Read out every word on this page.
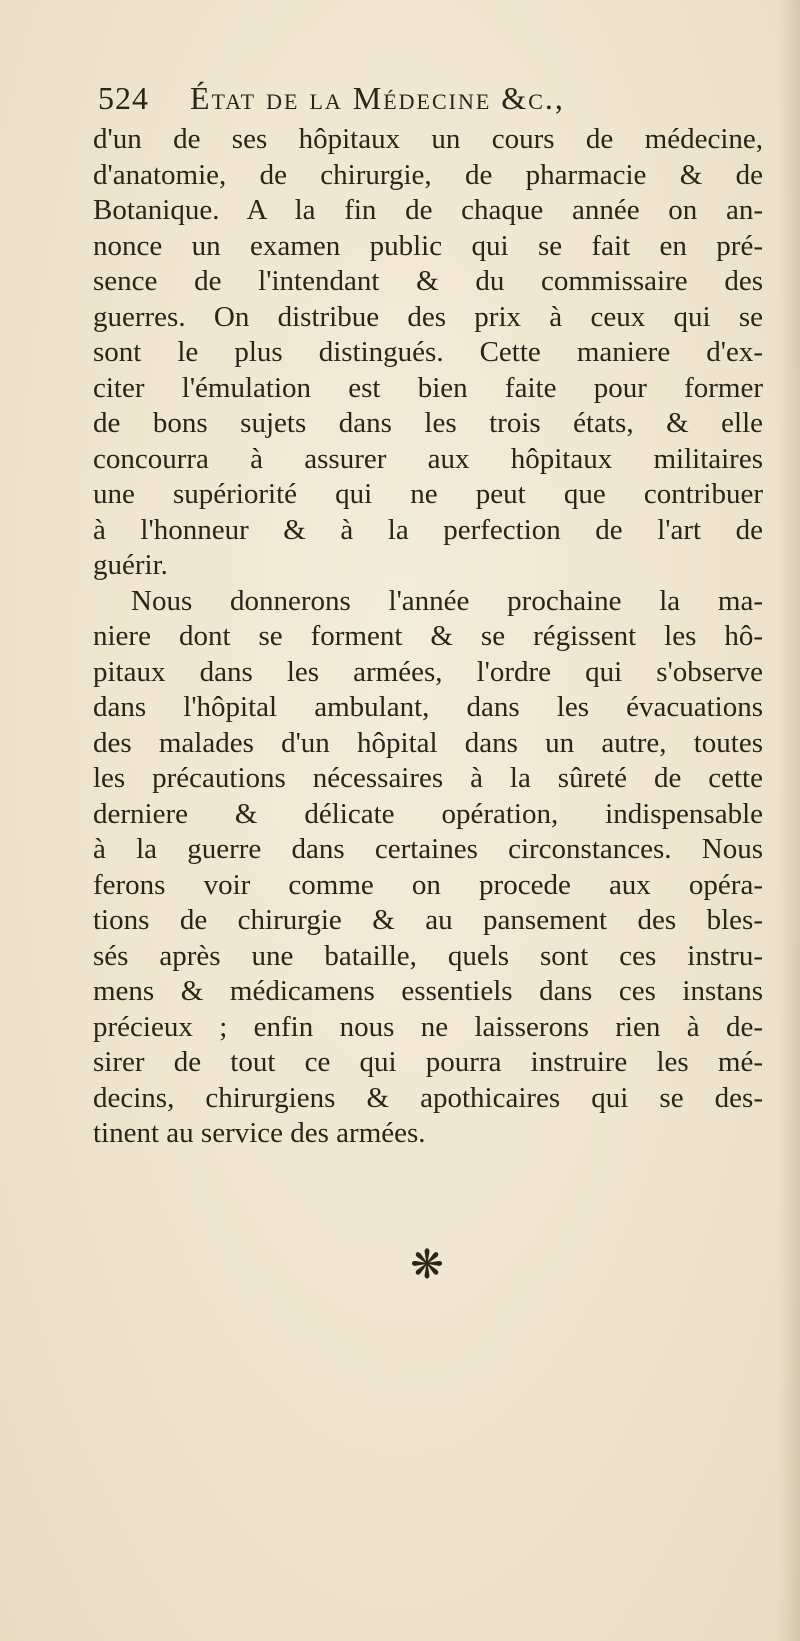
524 État de la Médecine &c.,
d'un de ses hôpitaux un cours de médecine,
d'anatomie, de chirurgie, de pharmacie & de
Botanique. A la fin de chaque année on an-
nonce un examen public qui se fait en pré-
sence de l'intendant & du commissaire des
guerres. On distribue des prix à ceux qui se
sont le plus distingués. Cette maniere d'ex-
citer l'émulation est bien faite pour former
de bons sujets dans les trois états, & elle
concourra à assurer aux hôpitaux militaires
une supériorité qui ne peut que contribuer
à l'honneur & à la perfection de l'art de
guérir.
Nous donnerons l'année prochaine la ma-
niere dont se forment & se régissent les hô-
pitaux dans les armées, l'ordre qui s'observe
dans l'hôpital ambulant, dans les évacuations
des malades d'un hôpital dans un autre, toutes
les précautions nécessaires à la sûreté de cette
derniere & délicate opération, indispensable
à la guerre dans certaines circonstances. Nous
ferons voir comme on procede aux opéra-
tions de chirurgie & au pansement des bles-
sés après une bataille, quels sont ces instru-
mens & médicamens essentiels dans ces instans
précieux ; enfin nous ne laisserons rien à de-
sirer de tout ce qui pourra instruire les mé-
decins, chirurgiens & apothicaires qui se des-
tinent au service des armées.
❋
